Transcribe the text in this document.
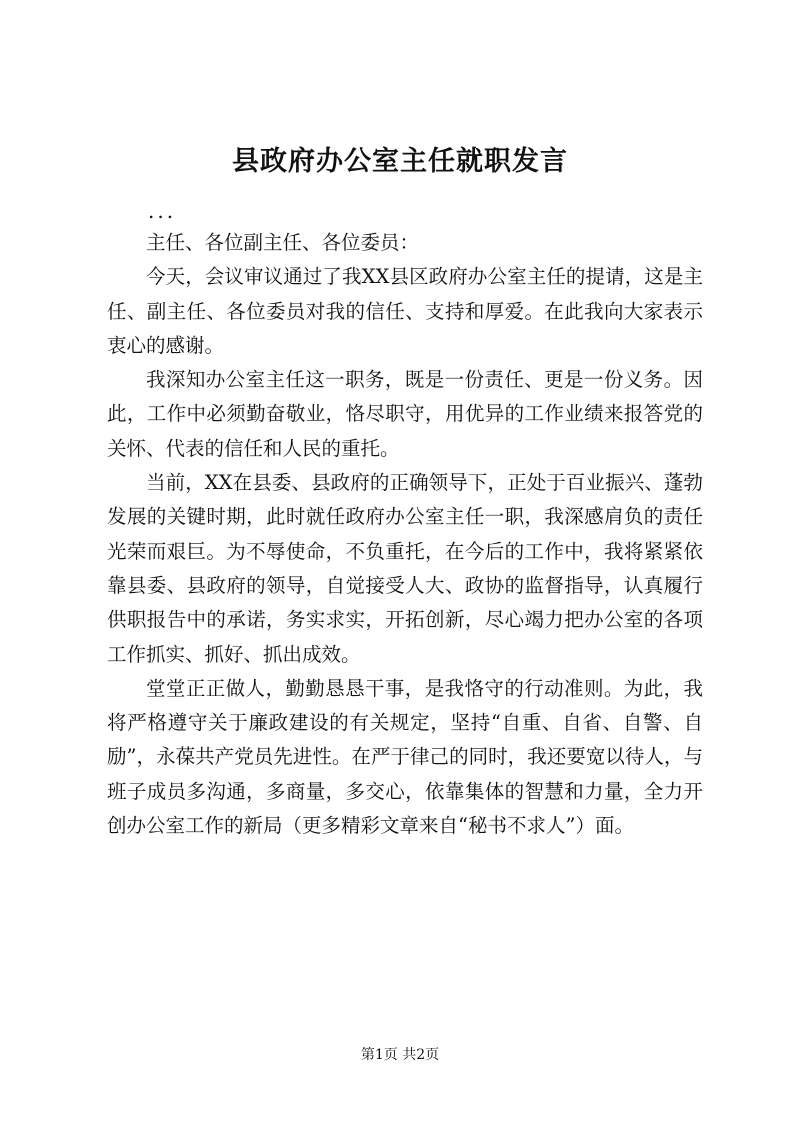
县政府办公室主任就职发言
...

主任、各位副主任、各位委员：

今天，会议审议通过了我XX县区政府办公室主任的提请，这是主任、副主任、各位委员对我的信任、支持和厚爱。在此我向大家表示衷心的感谢。

我深知办公室主任这一职务，既是一份责任、更是一份义务。因此，工作中必须勤奋敬业，恪尽职守，用优异的工作业绩来报答党的关怀、代表的信任和人民的重托。

当前，XX在县委、县政府的正确领导下，正处于百业振兴、蓬勃发展的关键时期，此时就任政府办公室主任一职，我深感肩负的责任光荣而艰巨。为不辱使命，不负重托，在今后的工作中，我将紧紧依靠县委、县政府的领导，自觉接受人大、政协的监督指导，认真履行供职报告中的承诺，务实求实，开拓创新，尽心竭力把办公室的各项工作抓实、抓好、抓出成效。

堂堂正正做人，勤勤恳恳干事，是我恪守的行动准则。为此，我将严格遵守关于廉政建设的有关规定，坚持“自重、自省、自警、自励”，永葆共产党员先进性。在严于律己的同时，我还要宽以待人，与班子成员多沟通，多商量，多交心，依靠集体的智慧和力量，全力开创办公室工作的新局（更多精彩文章来自“秘书不求人”）面。

第1页 共2页
